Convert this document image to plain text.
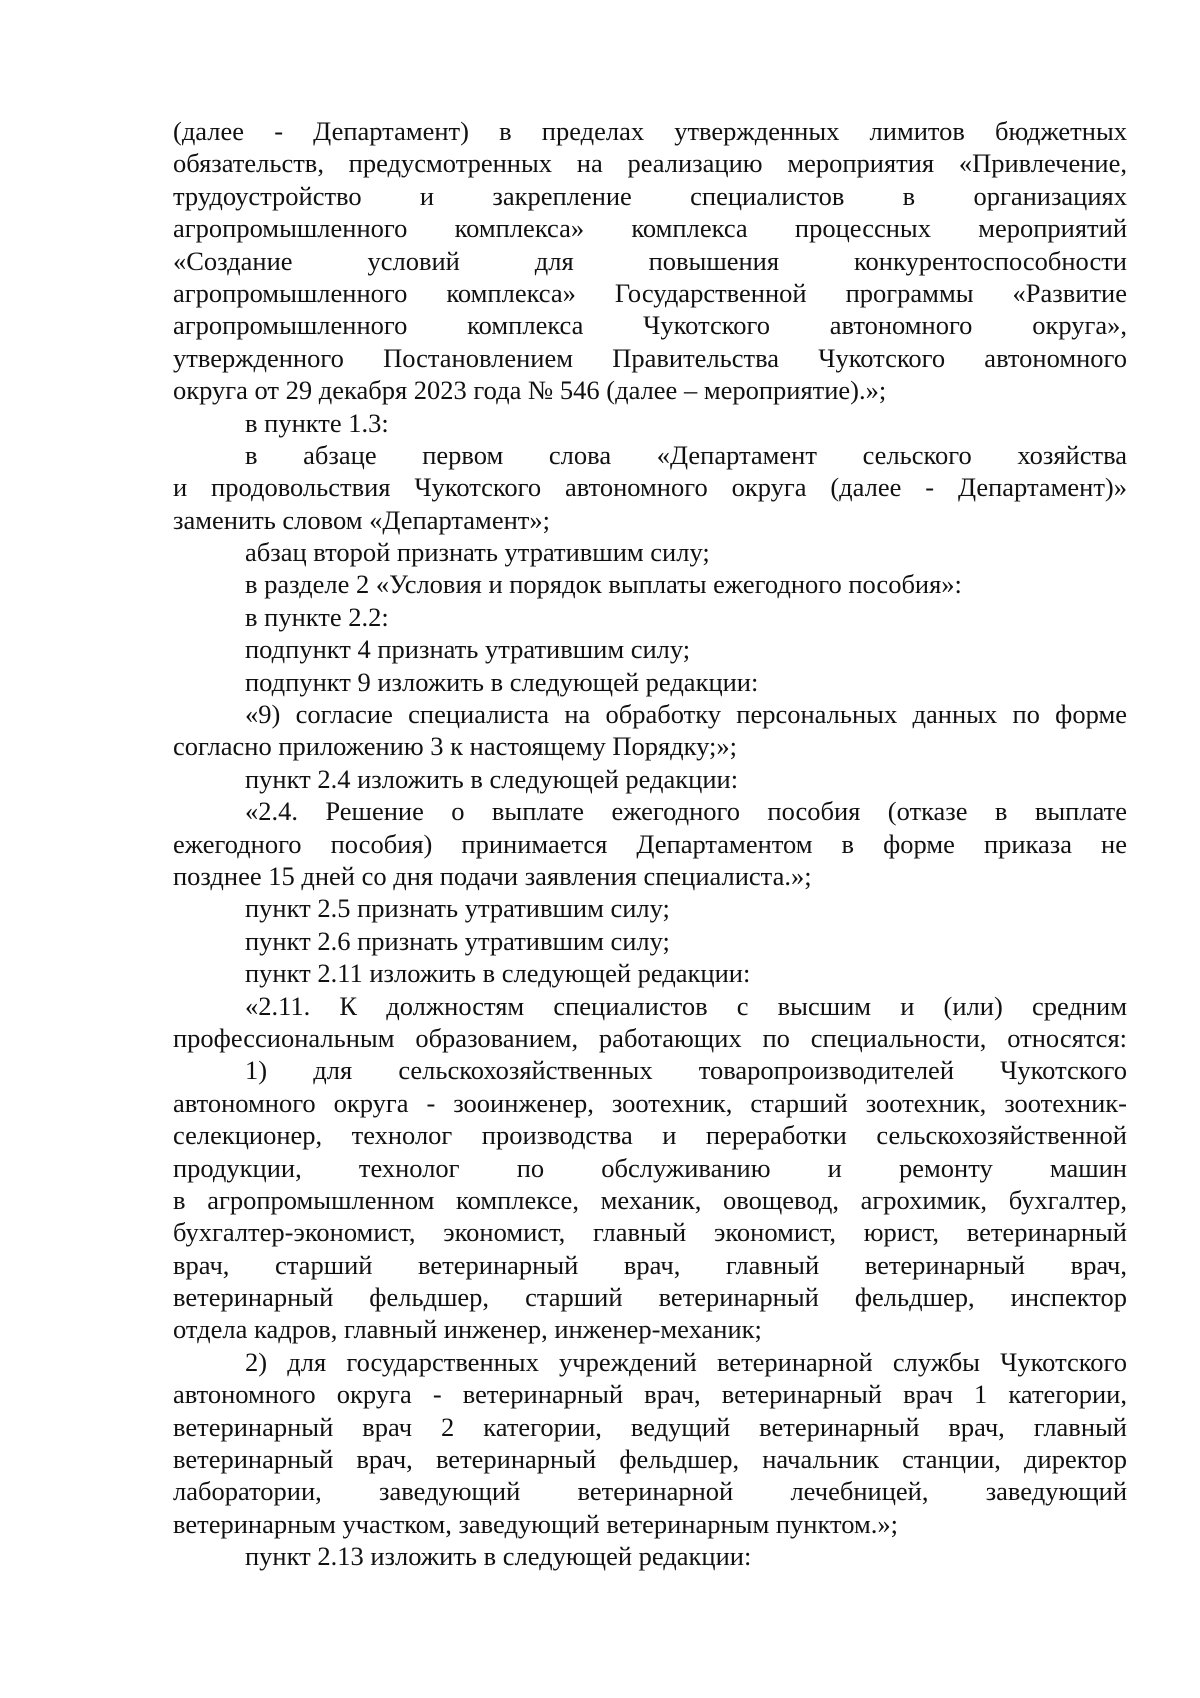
(далее - Департамент) в пределах утвержденных лимитов бюджетных
обязательств, предусмотренных на реализацию мероприятия «Привлечение,
трудоустройство и закрепление специалистов в организациях
агропромышленного комплекса» комплекса процессных мероприятий
«Создание условий для повышения конкурентоспособности
агропромышленного комплекса» Государственной программы «Развитие
агропромышленного комплекса Чукотского автономного округа»,
утвержденного Постановлением Правительства Чукотского автономного
округа от 29 декабря 2023 года № 546 (далее – мероприятие).»;
в пункте 1.3:
в абзаце первом слова «Департамент сельского хозяйства
и продовольствия Чукотского автономного округа (далее - Департамент)»
заменить словом «Департамент»;
абзац второй признать утратившим силу;
в разделе 2 «Условия и порядок выплаты ежегодного пособия»:
в пункте 2.2:
подпункт 4 признать утратившим силу;
подпункт 9 изложить в следующей редакции:
«9) согласие специалиста на обработку персональных данных по форме
согласно приложению 3 к настоящему Порядку;»;
пункт 2.4 изложить в следующей редакции:
«2.4. Решение о выплате ежегодного пособия (отказе в выплате
ежегодного пособия) принимается Департаментом в форме приказа не
позднее 15 дней со дня подачи заявления специалиста.»;
пункт 2.5 признать утратившим силу;
пункт 2.6 признать утратившим силу;
пункт 2.11 изложить в следующей редакции:
«2.11. К должностям специалистов с высшим и (или) средним
профессиональным образованием, работающих по специальности, относятся:
1) для сельскохозяйственных товаропроизводителей Чукотского
автономного округа - зооинженер, зоотехник, старший зоотехник, зоотехник-
селекционер, технолог производства и переработки сельскохозяйственной
продукции, технолог по обслуживанию и ремонту машин
в агропромышленном комплексе, механик, овощевод, агрохимик, бухгалтер,
бухгалтер-экономист, экономист, главный экономист, юрист, ветеринарный
врач, старший ветеринарный врач, главный ветеринарный врач,
ветеринарный фельдшер, старший ветеринарный фельдшер, инспектор
отдела кадров, главный инженер, инженер-механик;
2) для государственных учреждений ветеринарной службы Чукотского
автономного округа - ветеринарный врач, ветеринарный врач 1 категории,
ветеринарный врач 2 категории, ведущий ветеринарный врач, главный
ветеринарный врач, ветеринарный фельдшер, начальник станции, директор
лаборатории, заведующий ветеринарной лечебницей, заведующий
ветеринарным участком, заведующий ветеринарным пунктом.»;
пункт 2.13 изложить в следующей редакции:
